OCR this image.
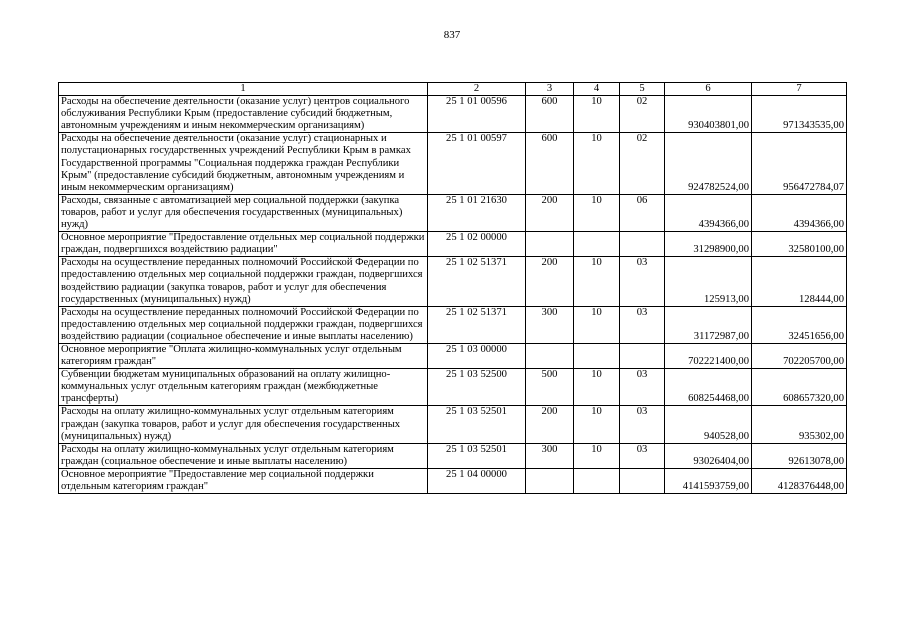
837
1	2	3	4	5	6	7
Расходы на обеспечение деятельности (оказание услуг) центров социального обслуживания Республики Крым (предоставление субсидий бюджетным, автономным учреждениям и иным некоммерческим организациям)	25 1 01 00596	600	10	02	930403801,00	971343535,00
Расходы на обеспечение деятельности (оказание услуг) стационарных и полустационарных государственных учреждений Республики Крым в рамках Государственной программы "Социальная поддержка граждан Республики Крым" (предоставление субсидий бюджетным, автономным учреждениям и иным некоммерческим организациям)	25 1 01 00597	600	10	02	924782524,00	956472784,07
Расходы, связанные с автоматизацией мер социальной поддержки (закупка товаров, работ и услуг для обеспечения государственных (муниципальных) нужд)	25 1 01 21630	200	10	06	4394366,00	4394366,00
Основное мероприятие "Предоставление отдельных мер социальной поддержки граждан, подвергшихся воздействию радиации"	25 1 02 00000				31298900,00	32580100,00
Расходы на осуществление переданных полномочий Российской Федерации по предоставлению отдельных мер социальной поддержки граждан, подвергшихся воздействию радиации (закупка товаров, работ и услуг для обеспечения государственных (муниципальных) нужд)	25 1 02 51371	200	10	03	125913,00	128444,00
Расходы на осуществление переданных полномочий Российской Федерации по предоставлению отдельных мер социальной поддержки граждан, подвергшихся воздействию радиации (социальное обеспечение и иные выплаты населению)	25 1 02 51371	300	10	03	31172987,00	32451656,00
Основное мероприятие "Оплата жилищно-коммунальных услуг отдельным категориям граждан"	25 1 03 00000				702221400,00	702205700,00
Субвенции бюджетам муниципальных образований на оплату жилищно-коммунальных услуг отдельным категориям граждан (межбюджетные трансферты)	25 1 03 52500	500	10	03	608254468,00	608657320,00
Расходы на оплату жилищно-коммунальных услуг отдельным категориям граждан (закупка товаров, работ и услуг для обеспечения государственных (муниципальных) нужд)	25 1 03 52501	200	10	03	940528,00	935302,00
Расходы на оплату жилищно-коммунальных услуг отдельным категориям граждан (социальное обеспечение и иные выплаты населению)	25 1 03 52501	300	10	03	93026404,00	92613078,00
Основное мероприятие "Предоставление мер социальной поддержки отдельным категориям граждан"	25 1 04 00000				4141593759,00	4128376448,00
